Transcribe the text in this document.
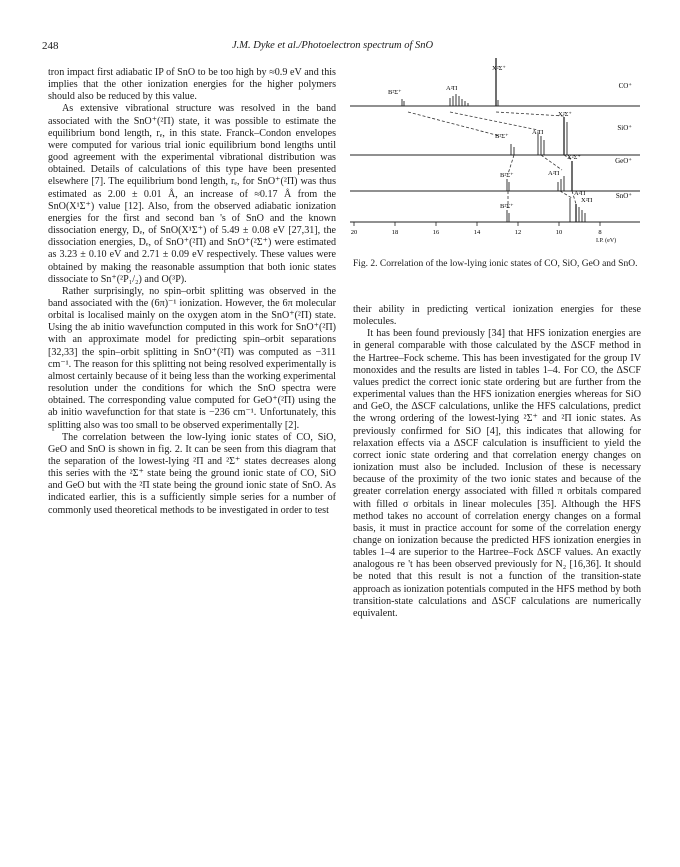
248	J.M. Dyke et al./Photoelectron spectrum of SnO

tron impact first adiabatic IP of SnO to be too high by ≈0.9 eV and this implies that the other ionization energies for the higher polymers should also be reduced by this value.

As extensive vibrational structure was resolved in the band associated with the SnO⁺(²Π) state, it was possible to estimate the equilibrium bond length, rₑ, in this state. Franck–Condon envelopes were computed for various trial ionic equilibrium bond lengths until good agreement with the experimental vibrational distribution was obtained. Details of calculations of this type have been presented elsewhere [7]. The equilibrium bond length, rₑ, for SnO⁺(²Π) was thus estimated as 2.00 ± 0.01 Å, an increase of ≈0.17 Å from the SnO(X¹Σ⁺) value [12]. Also, from the observed adiabatic ionization energies for the first and second ban 's of SnO and the known dissociation energy, Dₑ, of SnO(X¹Σ⁺) of 5.49 ± 0.08 eV [27,31], the dissociation energies, Dₑ, of SnO⁺(²Π) and SnO⁺(²Σ⁺) were estimated as 3.23 ± 0.10 eV and 2.71 ± 0.09 eV respectively. These values were obtained by making the reasonable assumption that both ionic states dissociate to Sn⁺(²P₁/₂) and O(³P).

Rather surprisingly, no spin–orbit splitting was observed in the band associated with the (6π)⁻¹ ionization. However, the 6π molecular orbital is localised mainly on the oxygen atom in the SnO⁺(²Π) state. Using the ab initio wavefunction computed in this work for SnO⁺(²Π) with an approximate model for predicting spin–orbit separations [32,33] the spin–orbit splitting in SnO⁺(²Π) was computed as −311 cm⁻¹. The reason for this splitting not being resolved experimentally is almost certainly because of it being less than the working experimental resolution under the conditions for which the SnO spectra were obtained. The corresponding value computed for GeO⁺(²Π) using the ab initio wavefunction for that state is −236 cm⁻¹. Unfortunately, this splitting also was too small to be observed experimentally [2].

The correlation between the low-lying ionic states of CO, SiO, GeO and SnO is shown in fig. 2. It can be seen from this diagram that the separation of the lowest-lying ²Π and ²Σ⁺ states decreases along this series with the ²Σ⁺ state being the ground ionic state of CO, SiO and GeO but with the ²Π state being the ground ionic state of SnO. As indicated earlier, this is a sufficiently simple series for a number of commonly used theoretical methods to be investigated in order to test

CO⁺
SiO⁺
GeO⁺
SnO⁺
B²Σ⁺
A²Π
X²Σ⁺
B²Σ⁺
A²Π
X²Σ⁺
B²Σ⁺	A²Π
X²Σ⁺
B²Σ⁺
A²Π
X²Π
20	18	16	14	12	10	8
I.P. (eV)
Fig. 2. Correlation of the low-lying ionic states of CO, SiO, GeO and SnO.

their ability in predicting vertical ionization energies for these molecules.

It has been found previously [34] that HFS ionization energies are in general comparable with those calculated by the ΔSCF method in the Hartree–Fock scheme. This has been investigated for the group IV monoxides and the results are listed in tables 1–4. For CO, the ΔSCF values predict the correct ionic state ordering but are further from the experimental values than the HFS ionization energies whereas for SiO and GeO, the ΔSCF calculations, unlike the HFS calculations, predict the wrong ordering of the lowest-lying ²Σ⁺ and ²Π ionic states. As previously confirmed for SiO [4], this indicates that allowing for relaxation effects via a ΔSCF calculation is insufficient to yield the correct ionic state ordering and that correlation energy changes on ionization must also be included. Inclusion of these is necessary because of the proximity of the two ionic states and because of the greater correlation energy associated with filled π orbitals compared with filled σ orbitals in linear molecules [35]. Although the HFS method takes no account of correlation energy changes on a formal basis, it must in practice account for some of the correlation energy change on ionization because the predicted HFS ionization energies in tables 1–4 are superior to the Hartree–Fock ΔSCF values. An exactly analogous re 't has been observed previously for N₂ [16,36]. It should be noted that this result is not a function of the transition-state approach as ionization potentials computed in the HFS method by both transition-state calculations and ΔSCF calculations are numerically equivalent.
